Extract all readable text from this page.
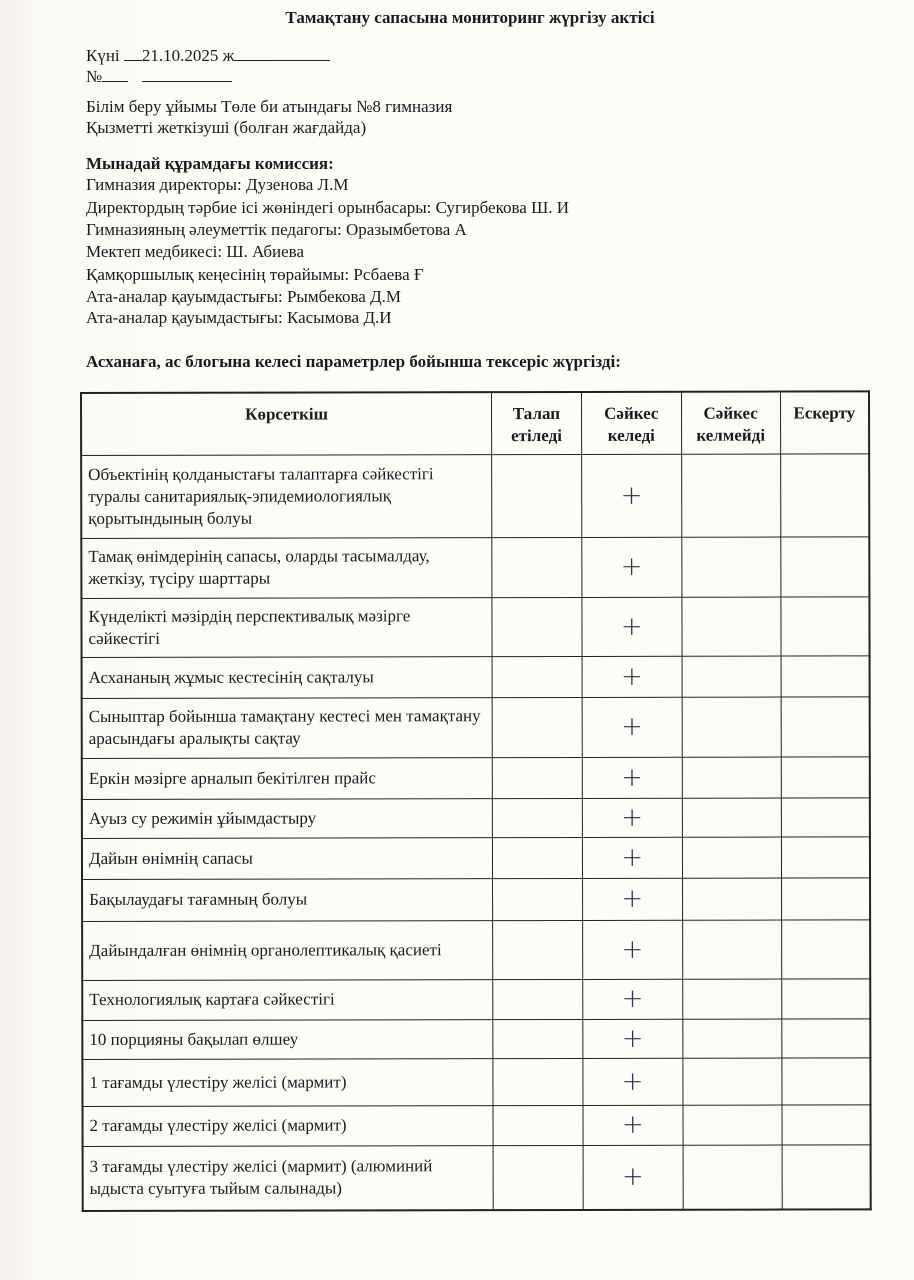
Тамақтану сапасына мониторинг жүргізу актісі
Күні 21.10.2025 ж
№
Білім беру ұйымы Төле би атындағы №8 гимназия
Қызметті жеткізуші (болған жағдайда)
Мынадай құрамдағы комиссия:
Гимназия директоры: Дузенова Л.М
Директордың тәрбие ісі жөніндегі орынбасары: Сугирбекова Ш. И
Гимназияның әлеуметтік педагогы: Оразымбетова А
Мектеп медбикесі: Ш. Абиева
Қамқоршылық кеңесінің төрайымы: Рсбаева Ғ
Ата-аналар қауымдастығы: Рымбекова Д.М
Ата-аналар қауымдастығы: Касымова Д.И
Асханаға, ас блогына келесі параметрлер бойынша тексеріс жүргізді:
Көрсеткіш	Талап етіледі	Сәйкес келеді	Сәйкес келмейді	Ескерту
Объектінің қолданыстағы талаптарға сәйкестігі туралы санитариялық-эпидемиологиялық қорытындының болуы		+		
Тамақ өнімдерінің сапасы, оларды тасымалдау, жеткізу, түсіру шарттары		+		
Күнделікті мәзірдің перспективалық мәзірге сәйкестігі		+		
Асхананың жұмыс кестесінің сақталуы		+		
Сыныптар бойынша тамақтану кестесі мен тамақтану арасындағы аралықты сақтау		+		
Еркін мәзірге арналып бекітілген прайс		+		
Ауыз су режимін ұйымдастыру		+		
Дайын өнімнің сапасы		+		
Бақылаудағы тағамның болуы		+		
Дайындалған өнімнің органолептикалық қасиеті		+		
Технологиялық картаға сәйкестігі		+		
10 порцияны бақылап өлшеу		+		
1 тағамды үлестіру желісі (мармит)		+		
2 тағамды үлестіру желісі (мармит)		+		
3 тағамды үлестіру желісі (мармит) (алюминий ыдыста суытуға тыйым салынады)		+		
